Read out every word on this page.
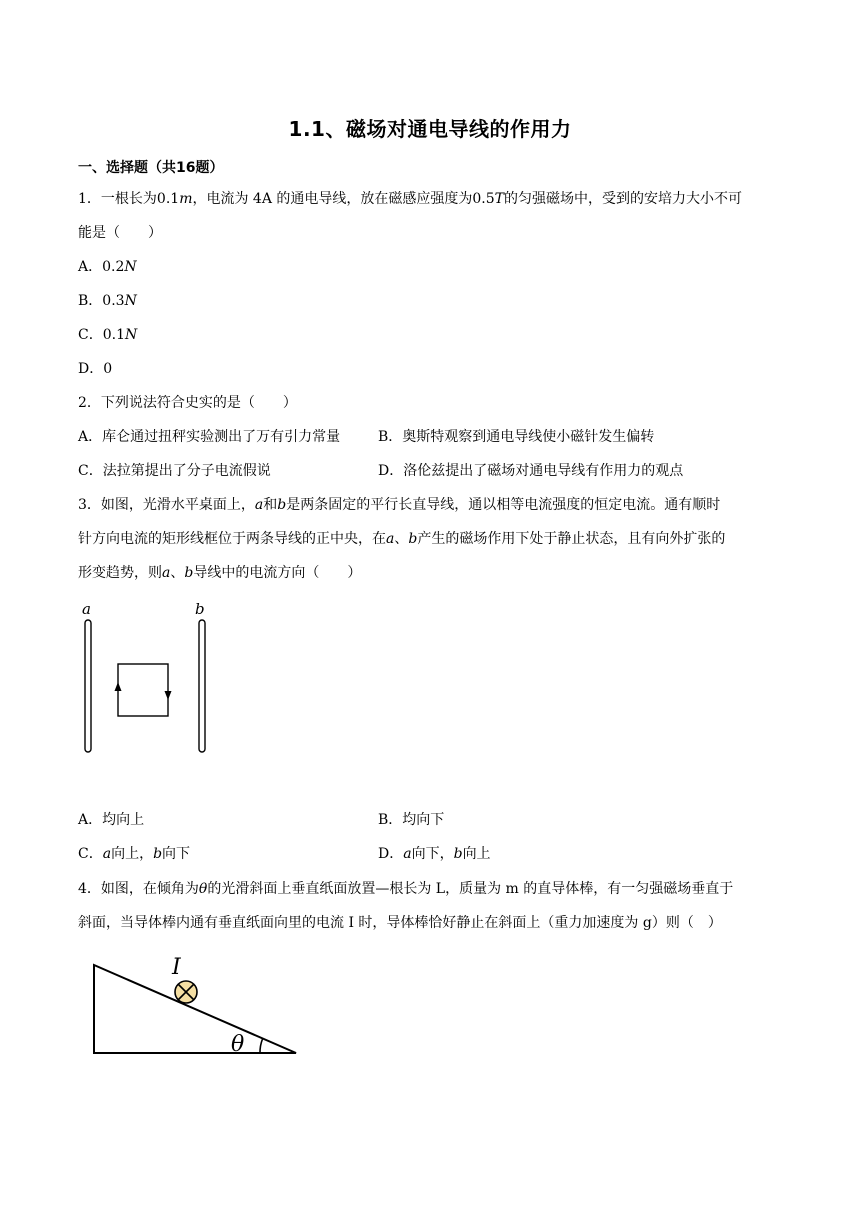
1.1、磁场对通电导线的作用力
一、选择题（共16题）
1．一根长为0.1m，电流为 4A 的通电导线，放在磁感应强度为0.5T的匀强磁场中，受到的安培力大小不可
能是（　　）
A．0.2N
B．0.3N
C．0.1N
D．0
2．下列说法符合史实的是（　　）
A．库仑通过扭秤实验测出了万有引力常量	B．奥斯特观察到通电导线使小磁针发生偏转
C．法拉第提出了分子电流假说	D．洛伦兹提出了磁场对通电导线有作用力的观点
3．如图，光滑水平桌面上，a和b是两条固定的平行长直导线，通以相等电流强度的恒定电流。通有顺时
针方向电流的矩形线框位于两条导线的正中央，在a、b产生的磁场作用下处于静止状态，且有向外扩张的
形变趋势，则a、b导线中的电流方向（　　）
a	b
A．均向上	B．均向下
C．a向上，b向下	D．a向下，b向上
4．如图，在倾角为θ的光滑斜面上垂直纸面放置—根长为 L，质量为 m 的直导体棒，有一匀强磁场垂直于
斜面，当导体棒内通有垂直纸面向里的电流 I 时，导体棒恰好静止在斜面上（重力加速度为 g）则（　）
I
θ
